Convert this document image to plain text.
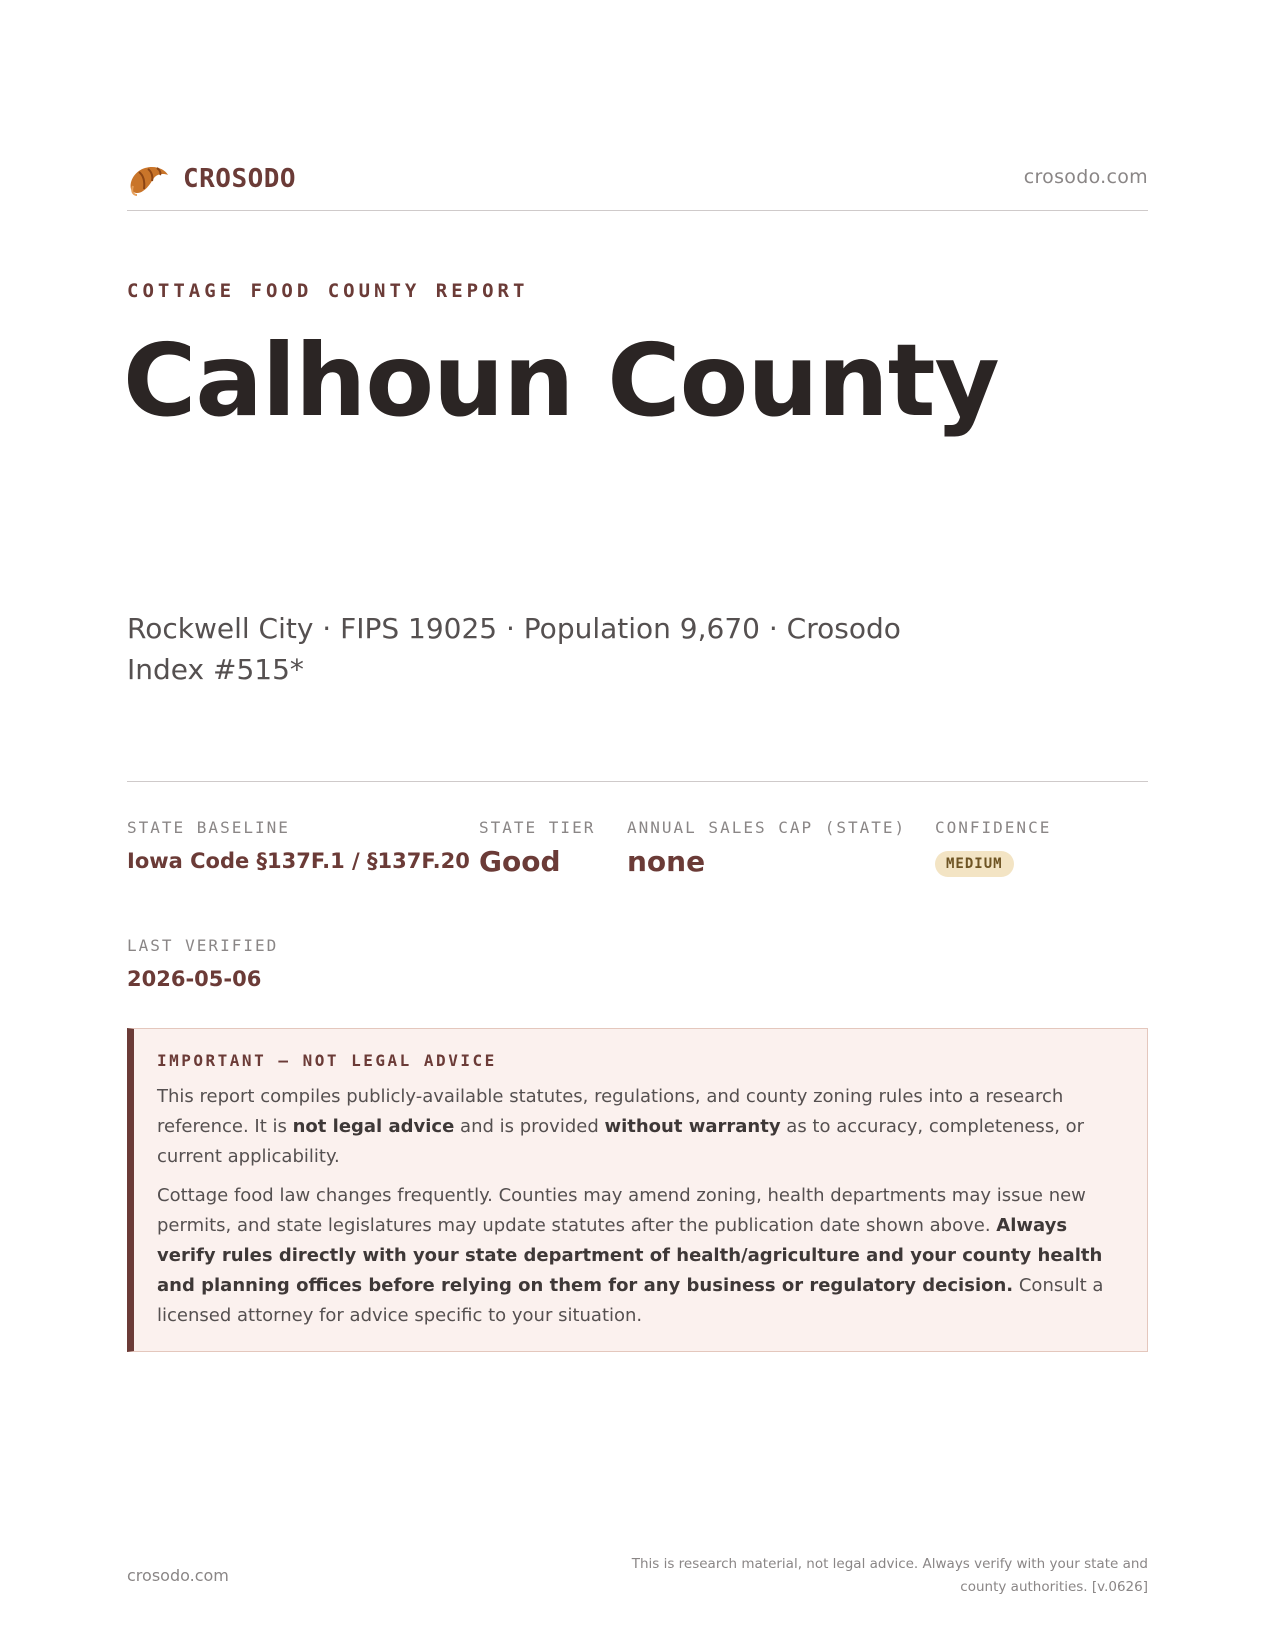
CROSODO	crosodo.com
COTTAGE FOOD COUNTY REPORT
Calhoun County
Rockwell City · FIPS 19025 · Population 9,670 · Crosodo Index #515*
STATE BASELINE
Iowa Code §137F.1 / §137F.20
STATE TIER
Good
ANNUAL SALES CAP (STATE)
none
CONFIDENCE
MEDIUM
LAST VERIFIED
2026-05-06
IMPORTANT — NOT LEGAL ADVICE

This report compiles publicly-available statutes, regulations, and county zoning rules into a research reference. It is not legal advice and is provided without warranty as to accuracy, completeness, or current applicability.

Cottage food law changes frequently. Counties may amend zoning, health departments may issue new permits, and state legislatures may update statutes after the publication date shown above. Always verify rules directly with your state department of health/agriculture and your county health and planning offices before relying on them for any business or regulatory decision. Consult a licensed attorney for advice specific to your situation.

crosodo.com
This is research material, not legal advice. Always verify with your state and county authorities. [v.0626]
